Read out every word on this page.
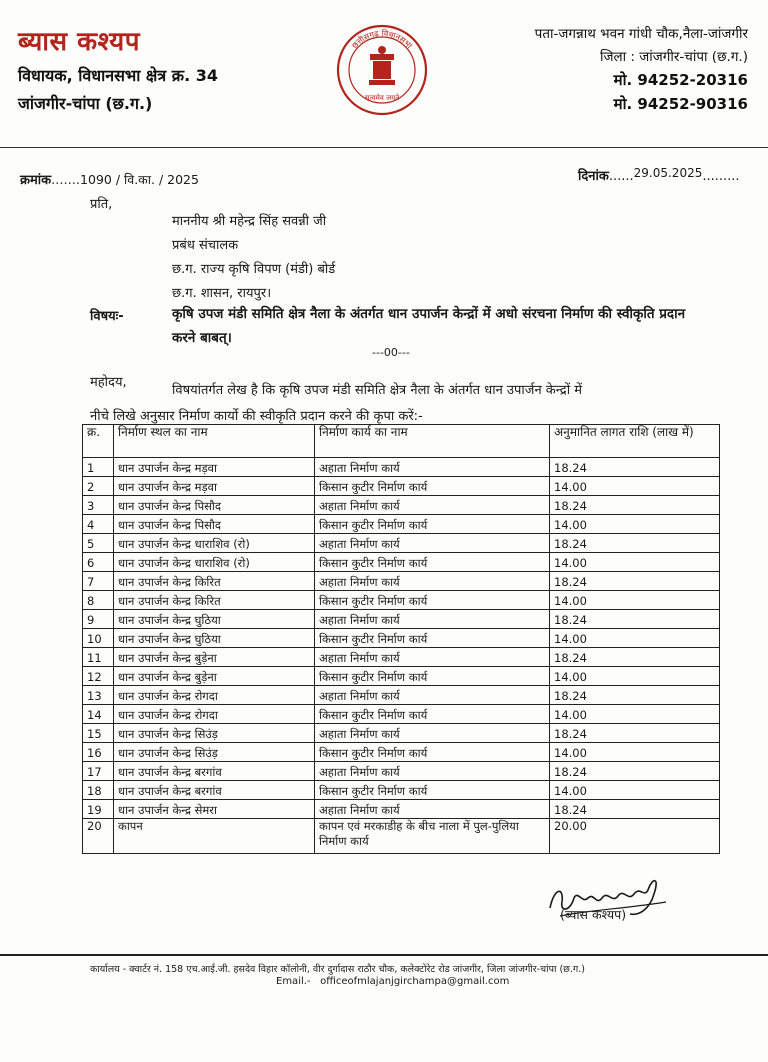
ब्यास कश्यप
विधायक, विधानसभा क्षेत्र क्र. 34
जांजगीर-चांपा (छ.ग.)
छत्तीसगढ़ विधानसभा
सत्यमेव जयते
पता-जगन्नाथ भवन गांधी चौक,नैला-जांजगीर
जिला : जांजगीर-चांपा (छ.ग.)
मो. 94252-20316
मो. 94252-90316
क्रमांक.......1090 / वि.का. / 2025	दिनांक......29.05.2025.........
प्रति,
माननीय श्री महेन्द्र सिंह सवन्नी जी
प्रबंध संचालक
छ.ग. राज्य कृषि विपण (मंडी) बोर्ड
छ.ग. शासन, रायपुर।
विषयः-	कृषि उपज मंडी समिति क्षेत्र नैला के अंतर्गत धान उपार्जन केन्द्रों में अधो संरचना निर्माण की स्वीकृति प्रदान करने बाबत्।
---00---
महोदय,
विषयांतर्गत लेख है कि कृषि उपज मंडी समिति क्षेत्र नैला के अंतर्गत धान उपार्जन केन्द्रों में
नीचे लिखे अनुसार निर्माण कार्यो की स्वीकृति प्रदान करने की कृपा करें:-
क्र.	निर्माण स्थल का नाम	निर्माण कार्य का नाम	अनुमानित लागत राशि (लाख में)
1	धान उपार्जन केन्द्र मड़वा	अहाता निर्माण कार्य	18.24
2	धान उपार्जन केन्द्र मड़वा	किसान कुटीर निर्माण कार्य	14.00
3	धान उपार्जन केन्द्र पिसौद	अहाता निर्माण कार्य	18.24
4	धान उपार्जन केन्द्र पिसौद	किसान कुटीर निर्माण कार्य	14.00
5	धान उपार्जन केन्द्र धाराशिव (रो)	अहाता निर्माण कार्य	18.24
6	धान उपार्जन केन्द्र धाराशिव (रो)	किसान कुटीर निर्माण कार्य	14.00
7	धान उपार्जन केन्द्र किरित	अहाता निर्माण कार्य	18.24
8	धान उपार्जन केन्द्र किरित	किसान कुटीर निर्माण कार्य	14.00
9	धान उपार्जन केन्द्र घुठिया	अहाता निर्माण कार्य	18.24
10	धान उपार्जन केन्द्र घुठिया	किसान कुटीर निर्माण कार्य	14.00
11	धान उपार्जन केन्द्र बुड़ेना	अहाता निर्माण कार्य	18.24
12	धान उपार्जन केन्द्र बुड़ेना	किसान कुटीर निर्माण कार्य	14.00
13	धान उपार्जन केन्द्र रोगदा	अहाता निर्माण कार्य	18.24
14	धान उपार्जन केन्द्र रोगदा	किसान कुटीर निर्माण कार्य	14.00
15	धान उपार्जन केन्द्र सिउंड़	अहाता निर्माण कार्य	18.24
16	धान उपार्जन केन्द्र सिउंड़	किसान कुटीर निर्माण कार्य	14.00
17	धान उपार्जन केन्द्र बरगांव	अहाता निर्माण कार्य	18.24
18	धान उपार्जन केन्द्र बरगांव	किसान कुटीर निर्माण कार्य	14.00
19	धान उपार्जन केन्द्र सेमरा	अहाता निर्माण कार्य	18.24
20	कापन	कापन एवं मरकाडीह के बीच नाला में पुल-पुलिया निर्माण कार्य	20.00
(ब्यास कश्यप)
कार्यालय - क्वार्टर नं. 158 एच.आई.जी. हसदेव विहार कॉलोनी, वीर दुर्गादास राठौर चौक, कलेक्टोरेट रोड जांजगीर, जिला जांजगीर-चांपा (छ.ग.)
Email.- officeofmlajanjgirchampa@gmail.com
